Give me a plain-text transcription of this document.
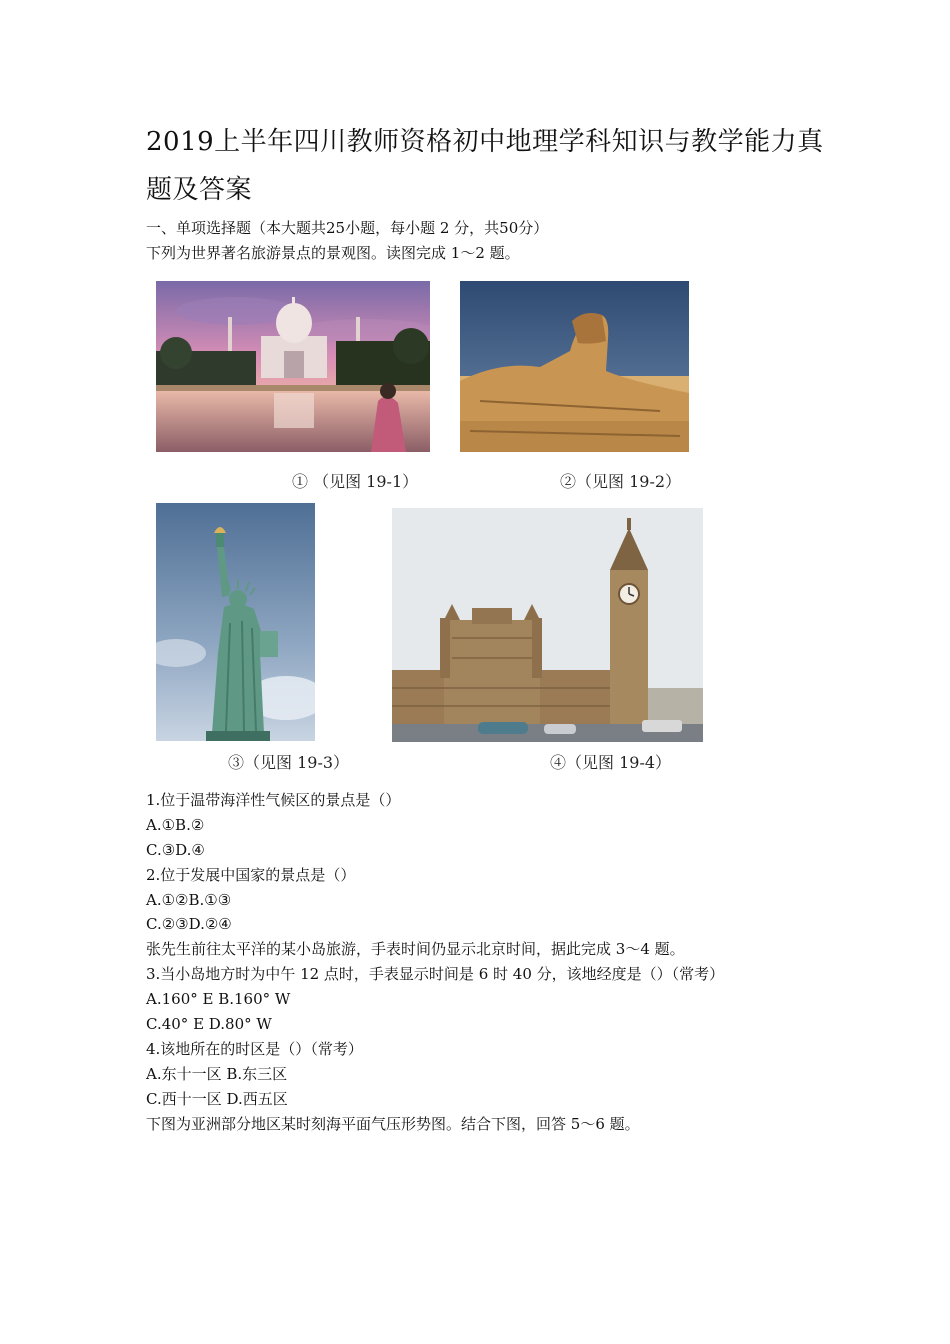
2019上半年四川教师资格初中地理学科知识与教学能力真
题及答案
一、单项选择题（本大题共25小题，每小题 2 分，共50分）
下列为世界著名旅游景点的景观图。读图完成 1～2 题。
① （见图 19-1）	②（见图 19-2）
③（见图 19-3）	④（见图 19-4）
1.位于温带海洋性气候区的景点是（）
A.①B.②
C.③D.④
2.位于发展中国家的景点是（）
A.①②B.①③
C.②③D.②④
张先生前往太平洋的某小岛旅游，手表时间仍显示北京时间，据此完成 3～4 题。
3.当小岛地方时为中午 12 点时，手表显示时间是 6 时 40 分，该地经度是（）（常考）
A.160° E B.160° W
C.40° E D.80° W
4.该地所在的时区是（）（常考）
A.东十一区 B.东三区
C.西十一区 D.西五区
下图为亚洲部分地区某时刻海平面气压形势图。结合下图，回答 5～6 题。
